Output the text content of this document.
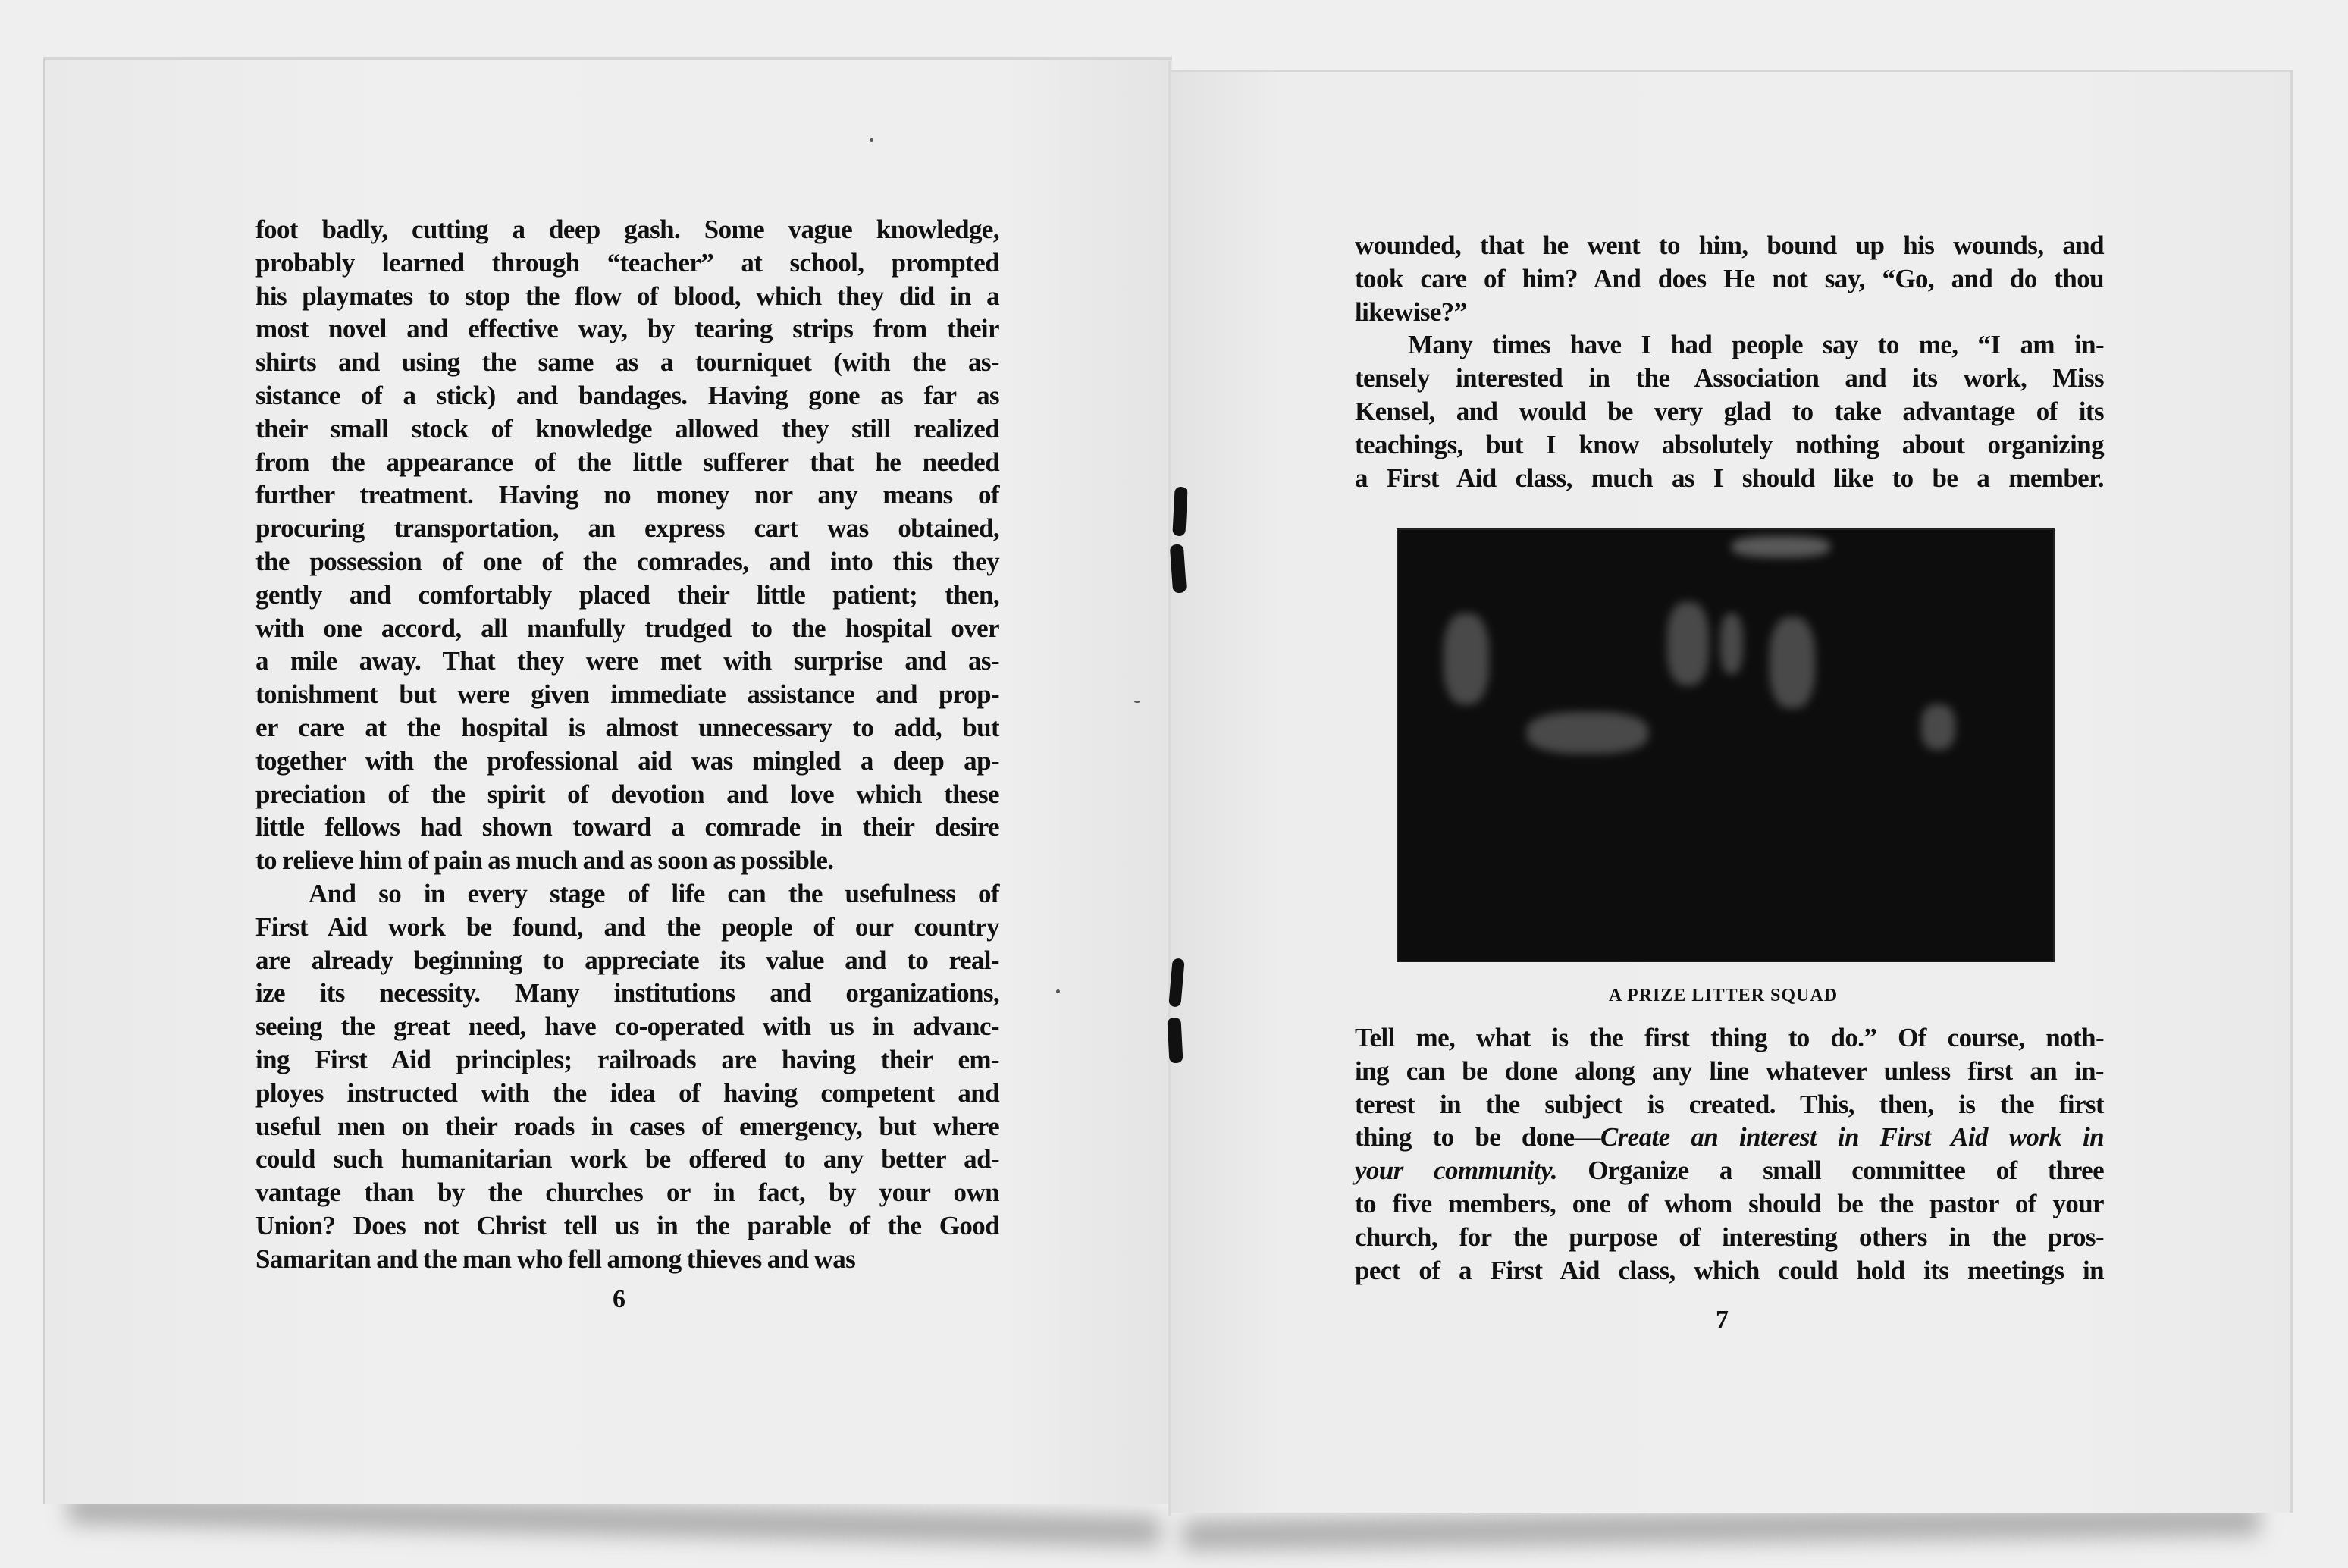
foot badly, cutting a deep gash. Some vague knowledge,
probably learned through “teacher” at school, prompted
his playmates to stop the flow of blood, which they did in a
most novel and effective way, by tearing strips from their
shirts and using the same as a tourniquet (with the as-
sistance of a stick) and bandages. Having gone as far as
their small stock of knowledge allowed they still realized
from the appearance of the little sufferer that he needed
further treatment. Having no money nor any means of
procuring transportation, an express cart was obtained,
the possession of one of the comrades, and into this they
gently and comfortably placed their little patient; then,
with one accord, all manfully trudged to the hospital over
a mile away. That they were met with surprise and as-
tonishment but were given immediate assistance and prop-
er care at the hospital is almost unnecessary to add, but
together with the professional aid was mingled a deep ap-
preciation of the spirit of devotion and love which these
little fellows had shown toward a comrade in their desire
to relieve him of pain as much and as soon as possible.
And so in every stage of life can the usefulness of
First Aid work be found, and the people of our country
are already beginning to appreciate its value and to real-
ize its necessity. Many institutions and organizations,
seeing the great need, have co-operated with us in advanc-
ing First Aid principles; railroads are having their em-
ployes instructed with the idea of having competent and
useful men on their roads in cases of emergency, but where
could such humanitarian work be offered to any better ad-
vantage than by the churches or in fact, by your own
Union? Does not Christ tell us in the parable of the Good
Samaritan and the man who fell among thieves and was
6
wounded, that he went to him, bound up his wounds, and
took care of him? And does He not say, “Go, and do thou
likewise?”
Many times have I had people say to me, “I am in-
tensely interested in the Association and its work, Miss
Kensel, and would be very glad to take advantage of its
teachings, but I know absolutely nothing about organizing
a First Aid class, much as I should like to be a member.
A PRIZE LITTER SQUAD
Tell me, what is the first thing to do.” Of course, noth-
ing can be done along any line whatever unless first an in-
terest in the subject is created. This, then, is the first
thing to be done—Create an interest in First Aid work in
your community. Organize a small committee of three
to five members, one of whom should be the pastor of your
church, for the purpose of interesting others in the pros-
pect of a First Aid class, which could hold its meetings in
7
